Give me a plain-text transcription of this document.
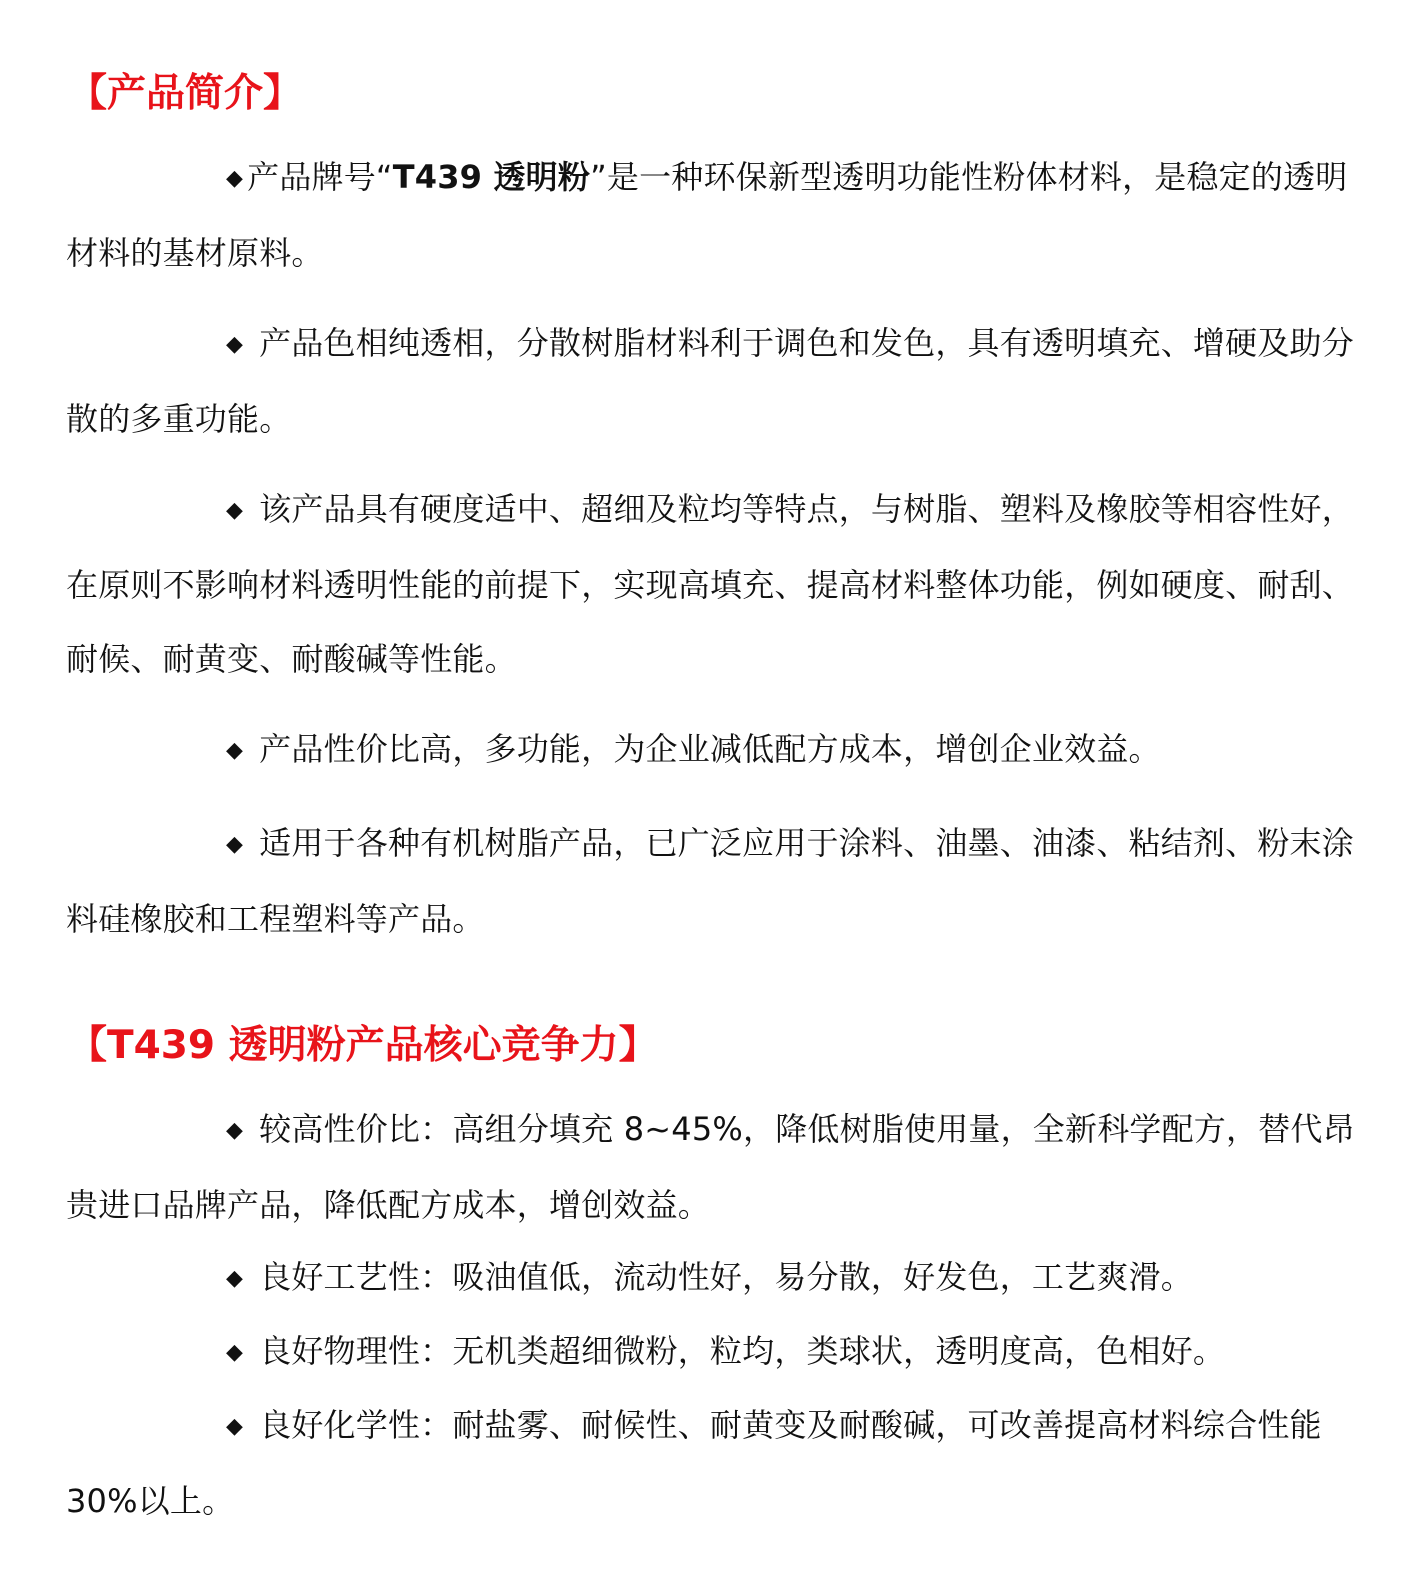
【产品简介】

◆ 产品牌号“T439 透明粉”是一种环保新型透明功能性粉体材料，是稳定的透明材料的基材原料。

◆ 产品色相纯透相，分散树脂材料利于调色和发色，具有透明填充、增硬及助分散的多重功能。

◆ 该产品具有硬度适中、超细及粒均等特点，与树脂、塑料及橡胶等相容性好，在原则不影响材料透明性能的前提下，实现高填充、提高材料整体功能，例如硬度、耐刮、耐候、耐黄变、耐酸碱等性能。

◆ 产品性价比高，多功能，为企业减低配方成本，增创企业效益。

◆ 适用于各种有机树脂产品，已广泛应用于涂料、油墨、油漆、粘结剂、粉末涂料硅橡胶和工程塑料等产品。

【T439 透明粉产品核心竞争力】

◆ 较高性价比：高组分填充 8~45%，降低树脂使用量，全新科学配方，替代昂贵进口品牌产品，降低配方成本，增创效益。

◆ 良好工艺性：吸油值低，流动性好，易分散，好发色，工艺爽滑。

◆ 良好物理性：无机类超细微粉，粒均，类球状，透明度高，色相好。

◆ 良好化学性：耐盐雾、耐候性、耐黄变及耐酸碱，可改善提高材料综合性能 30%以上。
